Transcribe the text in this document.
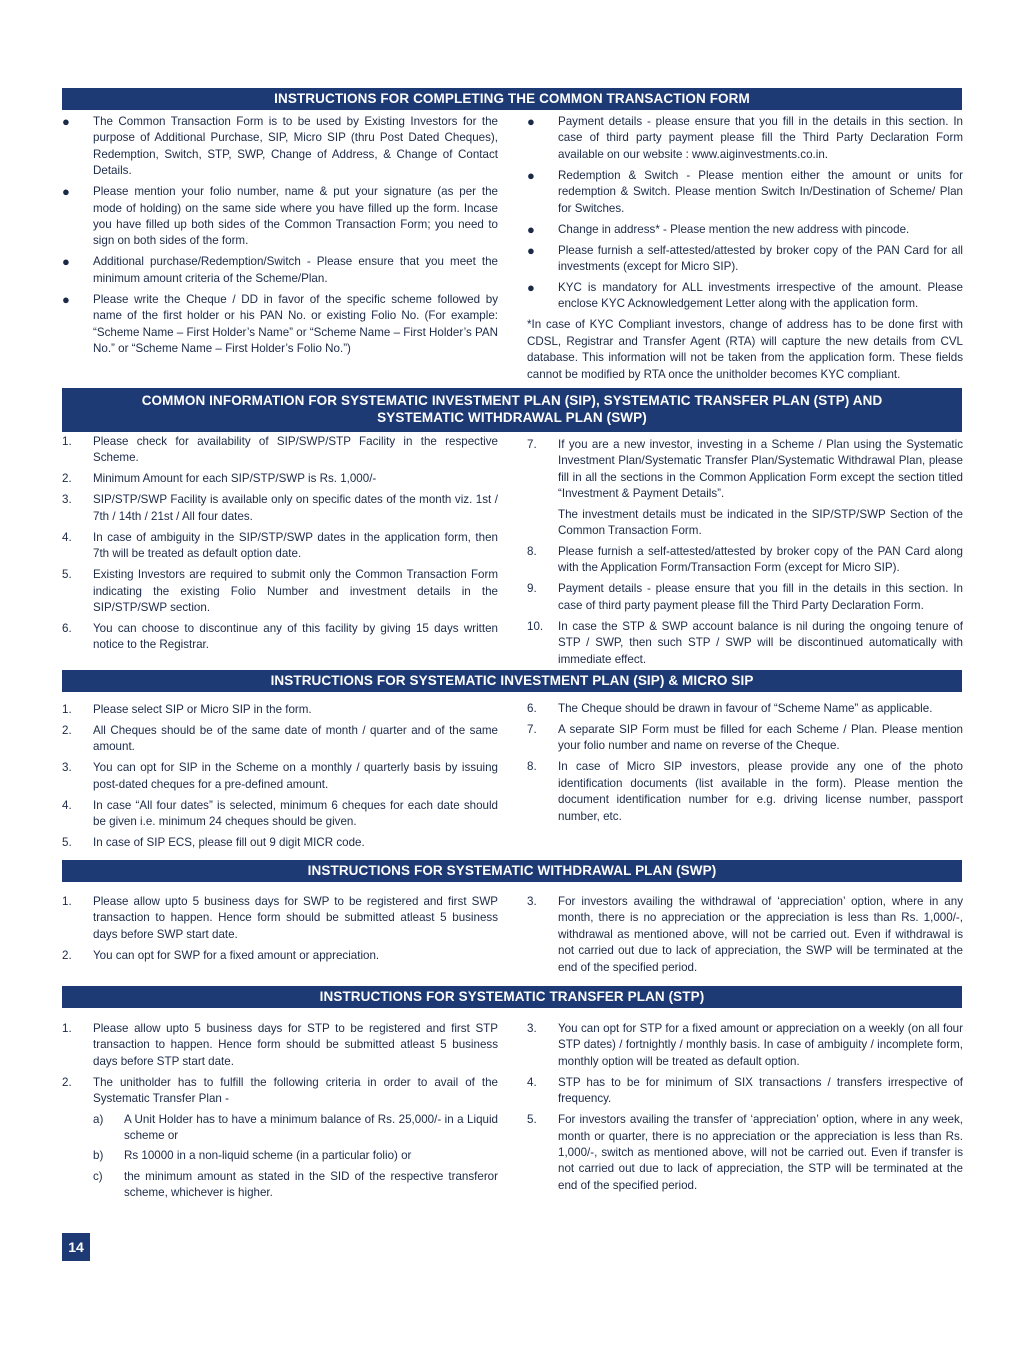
INSTRUCTIONS FOR COMPLETING THE COMMON TRANSACTION FORM
● The Common Transaction Form is to be used by Existing Investors for the purpose of Additional Purchase, SIP, Micro SIP (thru Post Dated Cheques), Redemption, Switch, STP, SWP, Change of Address, & Change of Contact Details.
● Please mention your folio number, name & put your signature (as per the mode of holding) on the same side where you have filled up the form. Incase you have filled up both sides of the Common Transaction Form; you need to sign on both sides of the form.
● Additional purchase/Redemption/Switch - Please ensure that you meet the minimum amount criteria of the Scheme/Plan.
● Please write the Cheque / DD in favor of the specific scheme followed by name of the first holder or his PAN No. or existing Folio No. (For example: “Scheme Name – First Holder’s Name” or “Scheme Name – First Holder’s PAN No.” or “Scheme Name – First Holder’s Folio No.”)
● Payment details - please ensure that you fill in the details in this section. In case of third party payment please fill the Third Party Declaration Form available on our website : www.aiginvestments.co.in.
● Redemption & Switch - Please mention either the amount or units for redemption & Switch. Please mention Switch In/Destination of Scheme/ Plan for Switches.
● Change in address* - Please mention the new address with pincode.
● Please furnish a self-attested/attested by broker copy of the PAN Card for all investments (except for Micro SIP).
● KYC is mandatory for ALL investments irrespective of the amount. Please enclose KYC Acknowledgement Letter along with the application form.

*In case of KYC Compliant investors, change of address has to be done first with CDSL, Registrar and Transfer Agent (RTA) will capture the new details from CVL database. This information will not be taken from the application form. These fields cannot be modified by RTA once the unitholder becomes KYC compliant.

COMMON INFORMATION FOR SYSTEMATIC INVESTMENT PLAN (SIP), SYSTEMATIC TRANSFER PLAN (STP) AND
SYSTEMATIC WITHDRAWAL PLAN (SWP)
1. Please check for availability of SIP/SWP/STP Facility in the respective Scheme.
2. Minimum Amount for each SIP/STP/SWP is Rs. 1,000/-
3. SIP/STP/SWP Facility is available only on specific dates of the month viz. 1st / 7th / 14th / 21st / All four dates.
4. In case of ambiguity in the SIP/STP/SWP dates in the application form, then 7th will be treated as default option date.
5. Existing Investors are required to submit only the Common Transaction Form indicating the existing Folio Number and investment details in the SIP/STP/SWP section.
6. You can choose to discontinue any of this facility by giving 15 days written notice to the Registrar.
7. If you are a new investor, investing in a Scheme / Plan using the Systematic Investment Plan/Systematic Transfer Plan/Systematic Withdrawal Plan, please fill in all the sections in the Common Application Form except the section titled “Investment & Payment Details”.
The investment details must be indicated in the SIP/STP/SWP Section of the Common Transaction Form.
8. Please furnish a self-attested/attested by broker copy of the PAN Card along with the Application Form/Transaction Form (except for Micro SIP).
9. Payment details - please ensure that you fill in the details in this section. In case of third party payment please fill the Third Party Declaration Form.
10. In case the STP & SWP account balance is nil during the ongoing tenure of STP / SWP, then such STP / SWP will be discontinued automatically with immediate effect.
INSTRUCTIONS FOR SYSTEMATIC INVESTMENT PLAN (SIP) & MICRO SIP
1. Please select SIP or Micro SIP in the form.
2. All Cheques should be of the same date of month / quarter and of the same amount.
3. You can opt for SIP in the Scheme on a monthly / quarterly basis by issuing post-dated cheques for a pre-defined amount.
4. In case “All four dates” is selected, minimum 6 cheques for each date should be given i.e. minimum 24 cheques should be given.
5. In case of SIP ECS, please fill out 9 digit MICR code.
6. The Cheque should be drawn in favour of “Scheme Name” as applicable.
7. A separate SIP Form must be filled for each Scheme / Plan. Please mention your folio number and name on reverse of the Cheque.
8. In case of Micro SIP investors, please provide any one of the photo identification documents (list available in the form). Please mention the document identification number for e.g. driving license number, passport number, etc.
INSTRUCTIONS FOR SYSTEMATIC WITHDRAWAL PLAN (SWP)
1. Please allow upto 5 business days for SWP to be registered and first SWP transaction to happen. Hence form should be submitted atleast 5 business days before SWP start date.
2. You can opt for SWP for a fixed amount or appreciation.
3. For investors availing the withdrawal of ‘appreciation’ option, where in any month, there is no appreciation or the appreciation is less than Rs. 1,000/-, withdrawal as mentioned above, will not be carried out. Even if withdrawal is not carried out due to lack of appreciation, the SWP will be terminated at the end of the specified period.
INSTRUCTIONS FOR SYSTEMATIC TRANSFER PLAN (STP)
1. Please allow upto 5 business days for STP to be registered and first STP transaction to happen. Hence form should be submitted atleast 5 business days before STP start date.
2. The unitholder has to fulfill the following criteria in order to avail of the Systematic Transfer Plan -
a) A Unit Holder has to have a minimum balance of Rs. 25,000/- in a Liquid scheme or
b) Rs 10000 in a non-liquid scheme (in a particular folio) or
c) the minimum amount as stated in the SID of the respective transferor scheme, whichever is higher.
3. You can opt for STP for a fixed amount or appreciation on a weekly (on all four STP dates) / fortnightly / monthly basis. In case of ambiguity / incomplete form, monthly option will be treated as default option.
4. STP has to be for minimum of SIX transactions / transfers irrespective of frequency.
5. For investors availing the transfer of ‘appreciation’ option, where in any week, month or quarter, there is no appreciation or the appreciation is less than Rs. 1,000/-, switch as mentioned above, will not be carried out. Even if transfer is not carried out due to lack of appreciation, the STP will be terminated at the end of the specified period.
14
